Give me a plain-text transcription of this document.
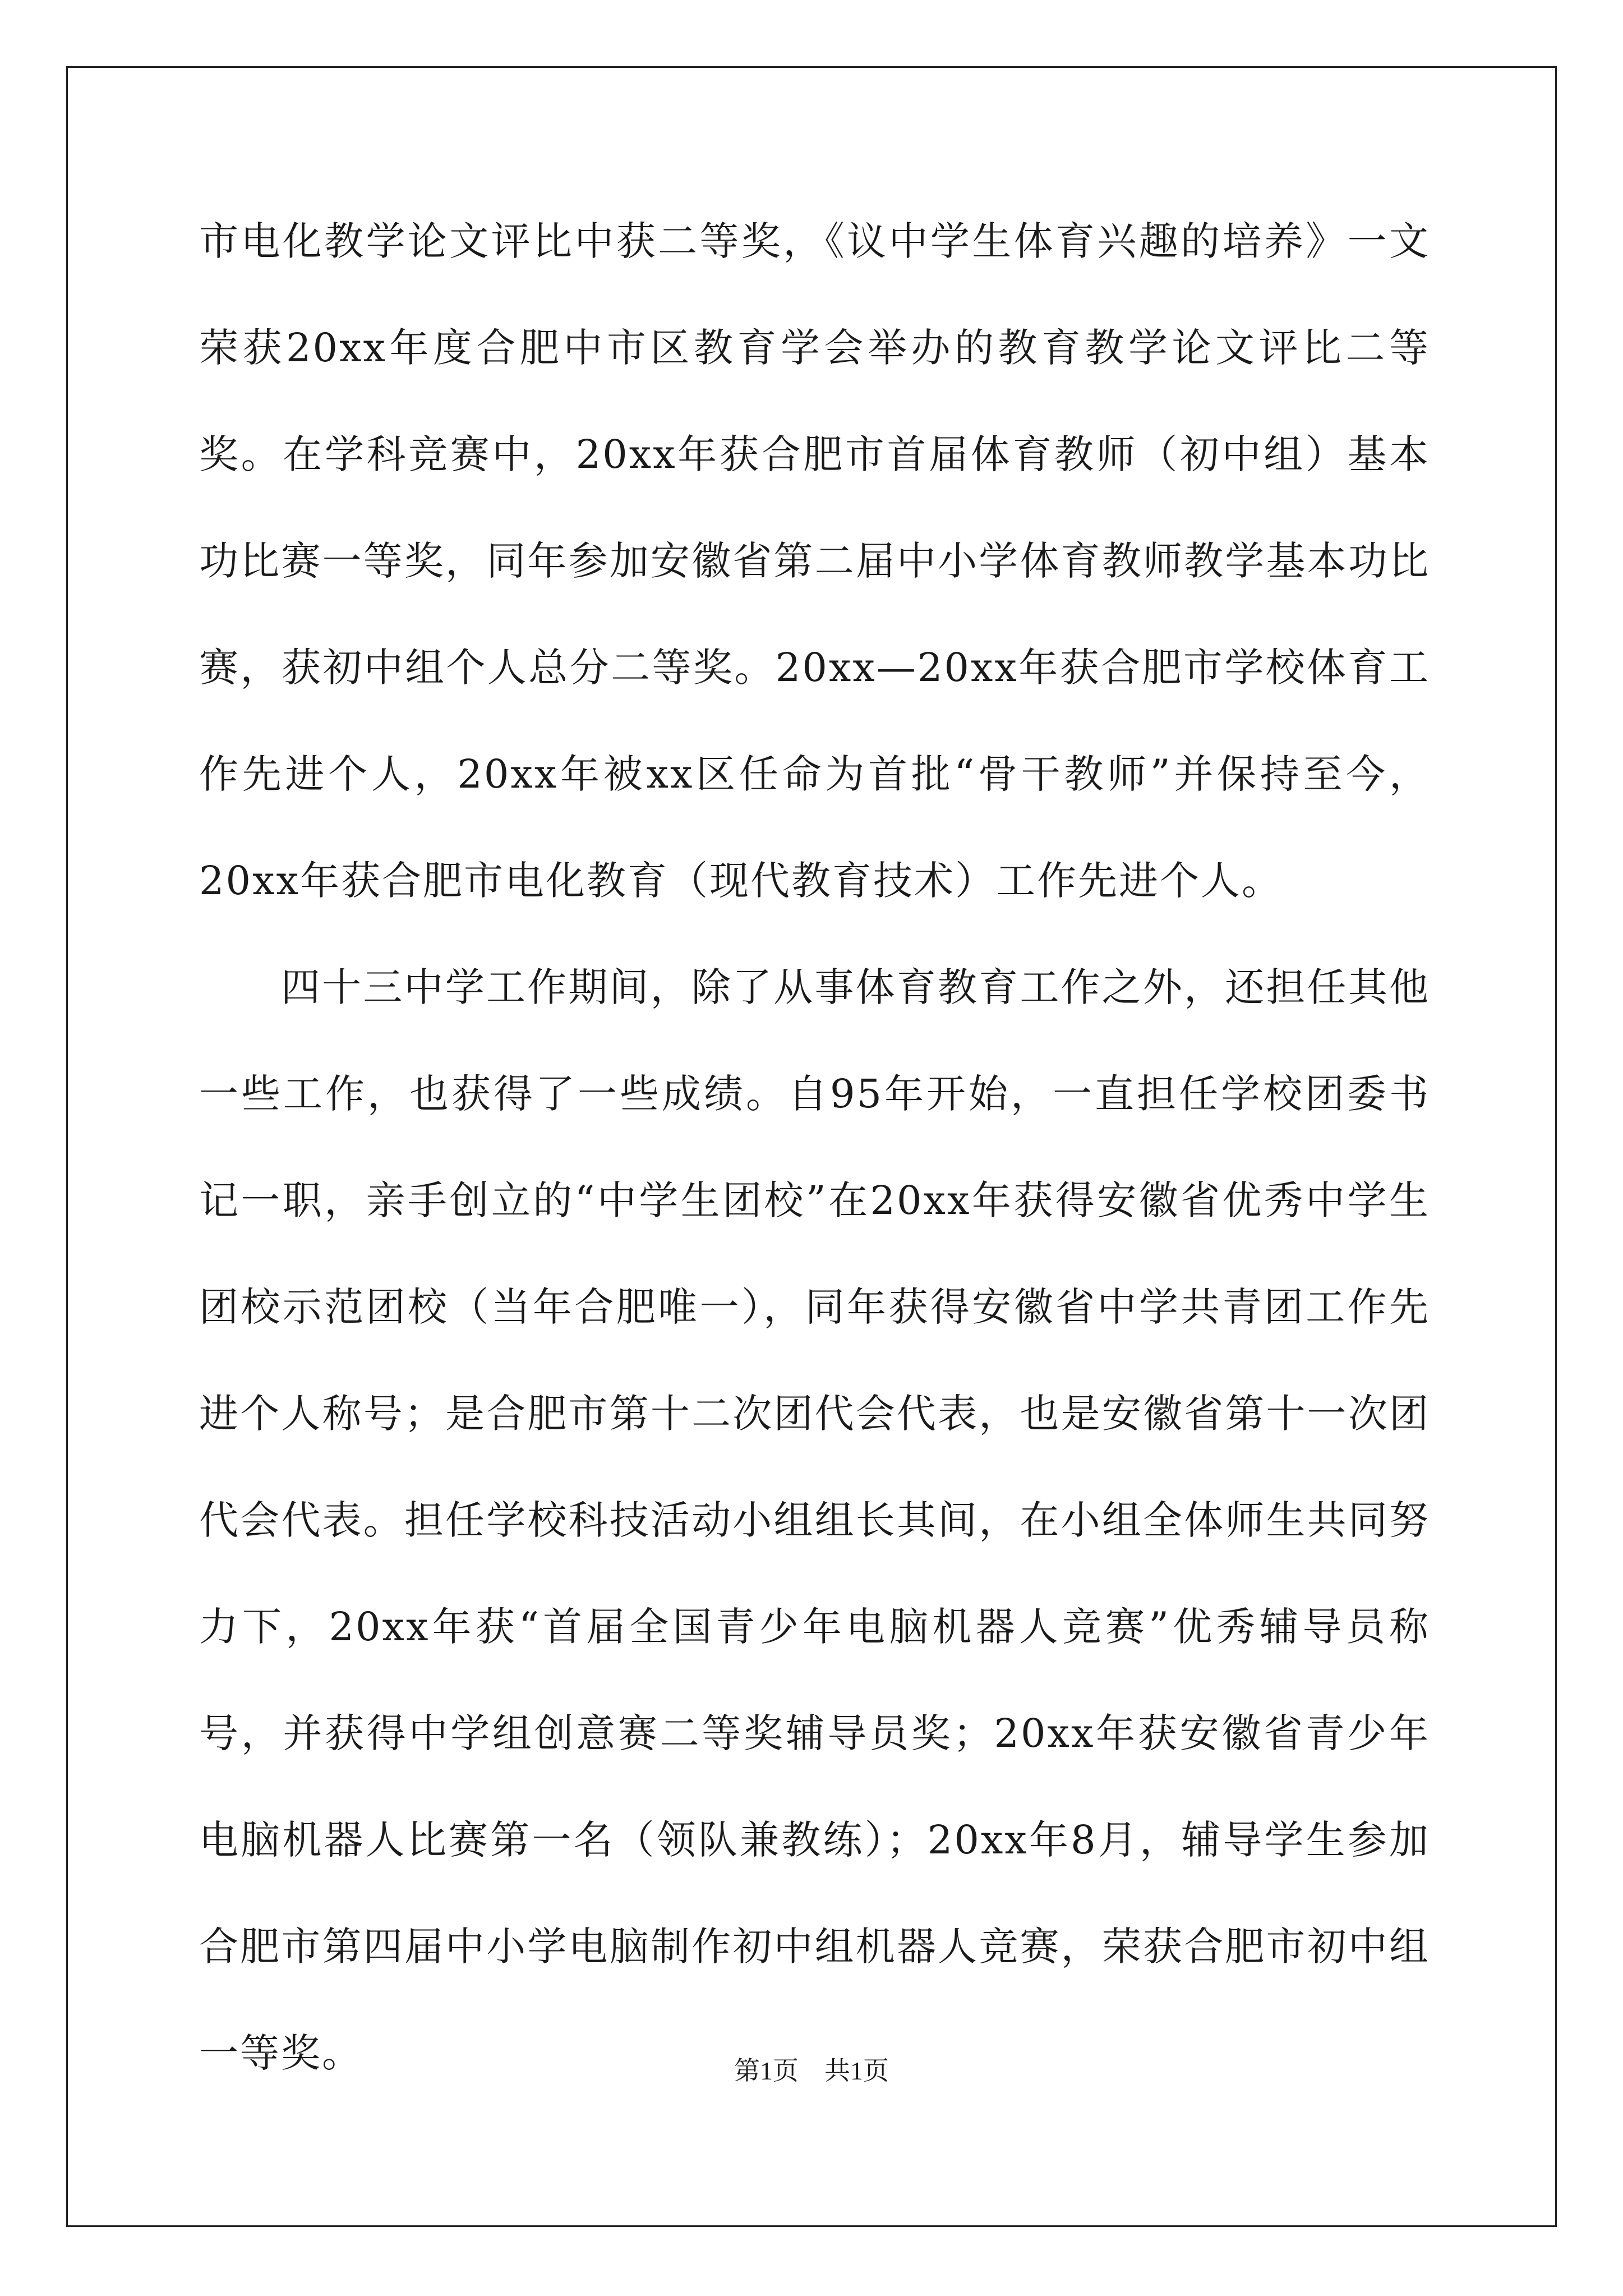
市电化教学论文评比中获二等奖，《议中学生体育兴趣的培养》一文荣获20xx年度合肥中市区教育学会举办的教育教学论文评比二等奖。在学科竞赛中，20xx年获合肥市首届体育教师（初中组）基本功比赛一等奖，同年参加安徽省第二届中小学体育教师教学基本功比赛，获初中组个人总分二等奖。20xx—20xx年获合肥市学校体育工作先进个人，20xx年被xx区任命为首批“骨干教师”并保持至今，20xx年获合肥市电化教育（现代教育技术）工作先进个人。

四十三中学工作期间，除了从事体育教育工作之外，还担任其他一些工作，也获得了一些成绩。自95年开始，一直担任学校团委书记一职，亲手创立的“中学生团校”在20xx年获得安徽省优秀中学生团校示范团校（当年合肥唯一），同年获得安徽省中学共青团工作先进个人称号；是合肥市第十二次团代会代表，也是安徽省第十一次团代会代表。担任学校科技活动小组组长其间，在小组全体师生共同努力下，20xx年获“首届全国青少年电脑机器人竞赛”优秀辅导员称号，并获得中学组创意赛二等奖辅导员奖；20xx年获安徽省青少年电脑机器人比赛第一名（领队兼教练）；20xx年8月，辅导学生参加合肥市第四届中小学电脑制作初中组机器人竞赛，荣获合肥市初中组一等奖。	第1页　共1页
